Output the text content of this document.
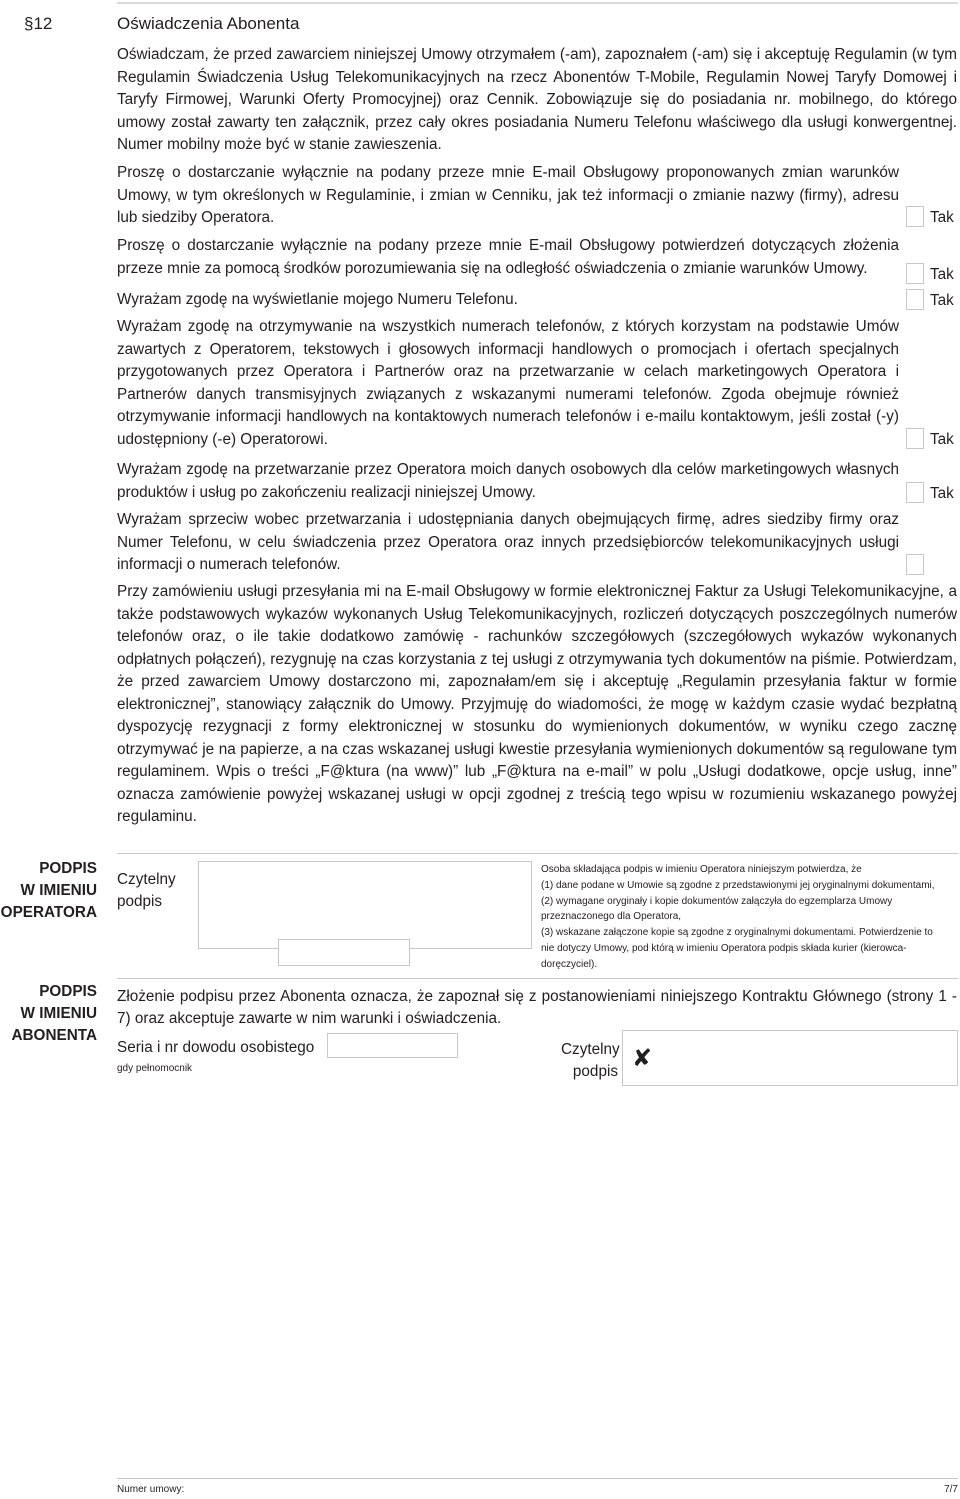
§12	Oświadczenia Abonenta

Oświadczam, że przed zawarciem niniejszej Umowy otrzymałem (-am), zapoznałem (-am) się i akceptuję Regulamin (w tym Regulamin Świadczenia Usług Telekomunikacyjnych na rzecz Abonentów T-Mobile, Regulamin Nowej Taryfy Domowej i Taryfy Firmowej, Warunki Oferty Promocyjnej) oraz Cennik. Zobowiązuje się do posiadania nr. mobilnego, do którego umowy został zawarty ten załącznik, przez cały okres posiadania Numeru Telefonu właściwego dla usługi konwergentnej. Numer mobilny może być w stanie zawieszenia.

Proszę o dostarczanie wyłącznie na podany przeze mnie E-mail Obsługowy proponowanych zmian warunków Umowy, w tym określonych w Regulaminie, i zmian w Cenniku, jak też informacji o zmianie nazwy (firmy), adresu lub siedziby Operatora.	Tak

Proszę o dostarczanie wyłącznie na podany przeze mnie E-mail Obsługowy potwierdzeń dotyczących złożenia przeze mnie za pomocą środków porozumiewania się na odległość oświadczenia o zmianie warunków Umowy.	Tak

Wyrażam zgodę na wyświetlanie mojego Numeru Telefonu.	Tak

Wyrażam zgodę na otrzymywanie na wszystkich numerach telefonów, z których korzystam na podstawie Umów zawartych z Operatorem, tekstowych i głosowych informacji handlowych o promocjach i ofertach specjalnych przygotowanych przez Operatora i Partnerów oraz na przetwarzanie w celach marketingowych Operatora i Partnerów danych transmisyjnych związanych z wskazanymi numerami telefonów. Zgoda obejmuje również otrzymywanie informacji handlowych na kontaktowych numerach telefonów i e-mailu kontaktowym, jeśli został (-y) udostępniony (-e) Operatorowi.	Tak

Wyrażam zgodę na przetwarzanie przez Operatora moich danych osobowych dla celów marketingowych własnych produktów i usług po zakończeniu realizacji niniejszej Umowy.	Tak

Wyrażam sprzeciw wobec przetwarzania i udostępniania danych obejmujących firmę, adres siedziby firmy oraz Numer Telefonu, w celu świadczenia przez Operatora oraz innych przedsiębiorców telekomunikacyjnych usługi informacji o numerach telefonów.

Przy zamówieniu usługi przesyłania mi na E-mail Obsługowy w formie elektronicznej Faktur za Usługi Telekomunikacyjne, a także podstawowych wykazów wykonanych Usług Telekomunikacyjnych, rozliczeń dotyczących poszczególnych numerów telefonów oraz, o ile takie dodatkowo zamówię - rachunków szczegółowych (szczegółowych wykazów wykonanych odpłatnych połączeń), rezygnuję na czas korzystania z tej usługi z otrzymywania tych dokumentów na piśmie. Potwierdzam, że przed zawarciem Umowy dostarczono mi, zapoznałam/em się i akceptuję „Regulamin przesyłania faktur w formie elektronicznej”, stanowiący załącznik do Umowy. Przyjmuję do wiadomości, że mogę w każdym czasie wydać bezpłatną dyspozycję rezygnacji z formy elektronicznej w stosunku do wymienionych dokumentów, w wyniku czego zacznę otrzymywać je na papierze, a na czas wskazanej usługi kwestie przesyłania wymienionych dokumentów są regulowane tym regulaminem. Wpis o treści „F@ktura (na www)” lub „F@ktura na e-mail” w polu „Usługi dodatkowe, opcje usług, inne” oznacza zamówienie powyżej wskazanej usługi w opcji zgodnej z treścią tego wpisu w rozumieniu wskazanego powyżej regulaminu.

PODPIS
W IMIENIU
OPERATORA
Czytelny
podpis
Osoba składająca podpis w imieniu Operatora niniejszym potwierdza, że
(1) dane podane w Umowie są zgodne z przedstawionymi jej oryginalnymi dokumentami,
(2) wymagane oryginały i kopie dokumentów załączyła do egzemplarza Umowy
przeznaczonego dla Operatora,
(3) wskazane załączone kopie są zgodne z oryginalnymi dokumentami. Potwierdzenie to
nie dotyczy Umowy, pod którą w imieniu Operatora podpis składa kurier (kierowca-
doręczyciel).
PODPIS
W IMIENIU
ABONENTA

Złożenie podpisu przez Abonenta oznacza, że zapoznał się z postanowieniami niniejszego Kontraktu Głównego (strony 1 - 7) oraz akceptuje zawarte w nim warunki i oświadczenia.

Seria i nr dowodu osobistego
gdy pełnomocnik
Czytelny
podpis ✘
Numer umowy:	7/7
